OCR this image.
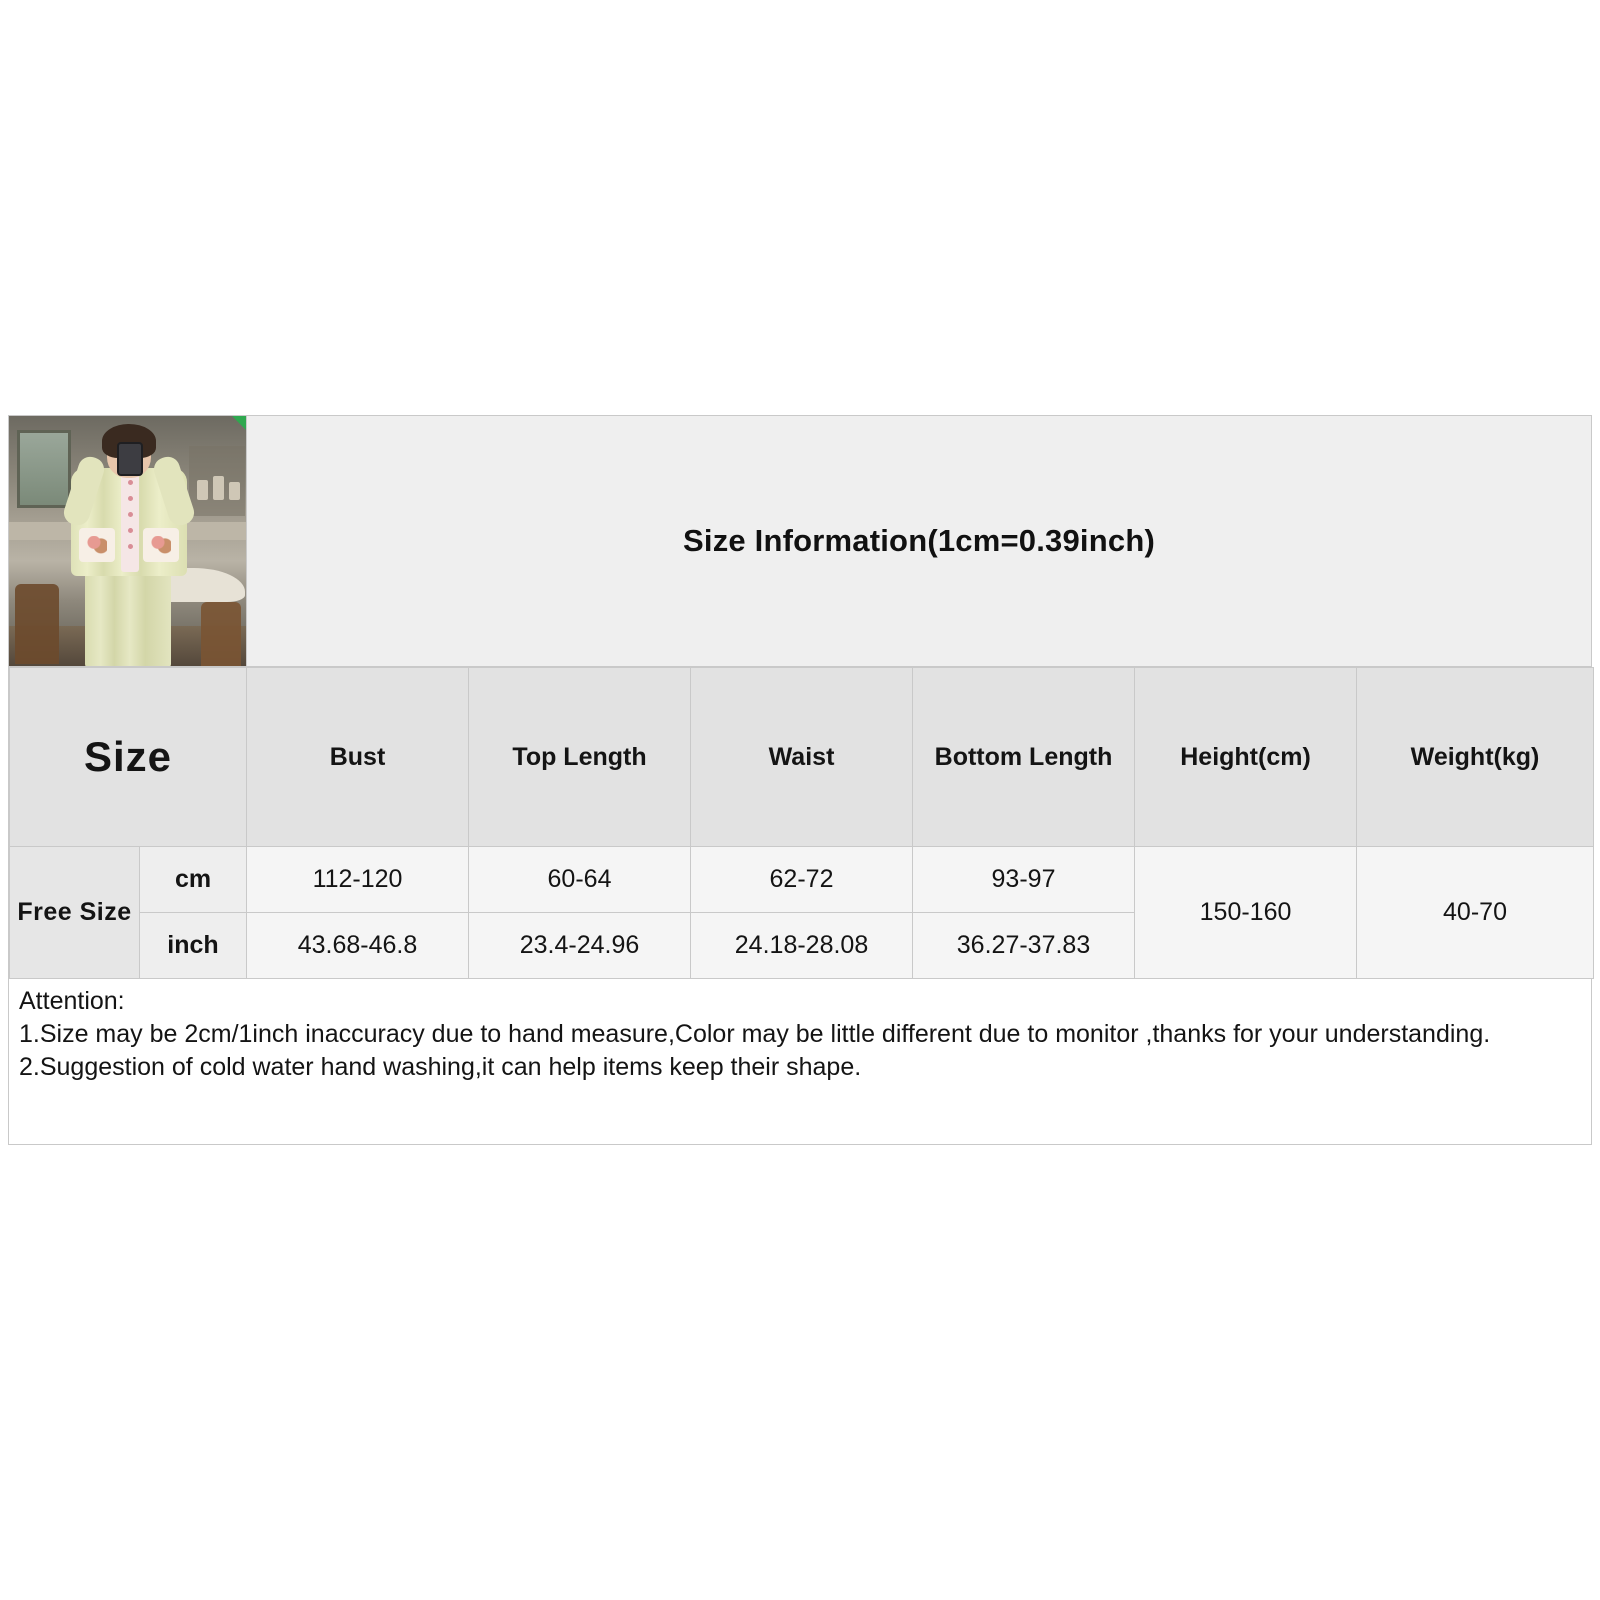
Size Information(1cm=0.39inch)
Size		Bust	Top Length	Waist	Bottom Length	Height(cm)	Weight(kg)
Free Size	cm	112-120	60-64	62-72	93-97	150-160	40-70
	inch	43.68-46.8	23.4-24.96	24.18-28.08	36.27-37.83		
Attention:
1.Size may be 2cm/1inch inaccuracy due to hand measure,Color may be little different due to monitor ,thanks for your understanding.
2.Suggestion of cold water hand washing,it can help items keep their shape.
